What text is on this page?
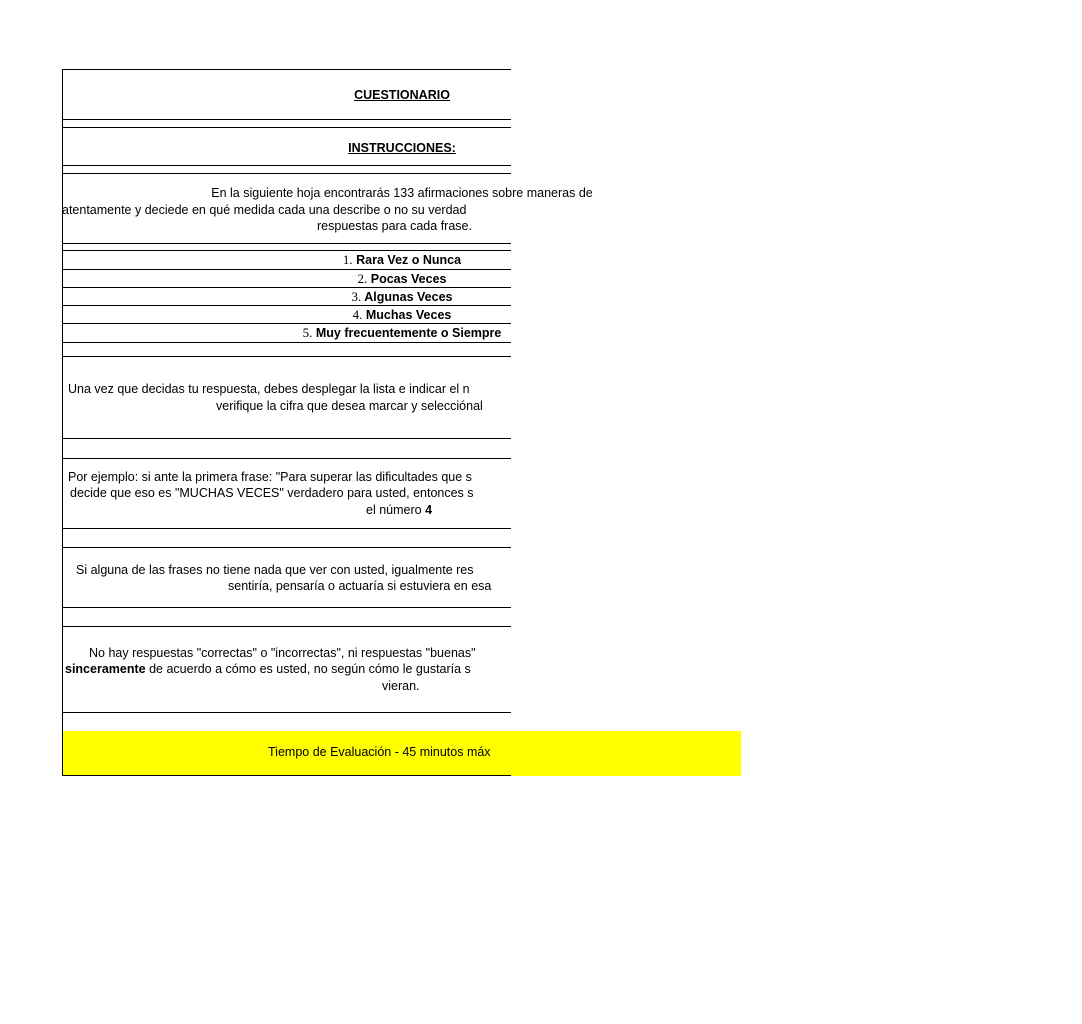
CUESTIONARIO
INSTRUCCIONES:
En la siguiente hoja encontrarás 133 afirmaciones sobre maneras de
atentamente y deciede en qué medida cada una describe o no su verdad
respuestas para cada frase.
1. Rara Vez o Nunca
2. Pocas Veces
3. Algunas Veces
4. Muchas Veces
5. Muy frecuentemente o Siempre
Una vez que decidas tu respuesta, debes desplegar la lista e indicar el n
verifique la cifra que desea marcar y selecciónal
Por ejemplo: si ante la primera frase: "Para superar las dificultades que s
decide que eso es "MUCHAS VECES" verdadero para usted, entonces s
el número 4
Si alguna de las frases no tiene nada que ver con usted, igualmente res
sentiría, pensaría o actuaría si estuviera en esa
No hay respuestas "correctas" o "incorrectas", ni respuestas "buenas"
sinceramente de acuerdo a cómo es usted, no según cómo le gustaría s
vieran.
Tiempo de Evaluación - 45 minutos máx
